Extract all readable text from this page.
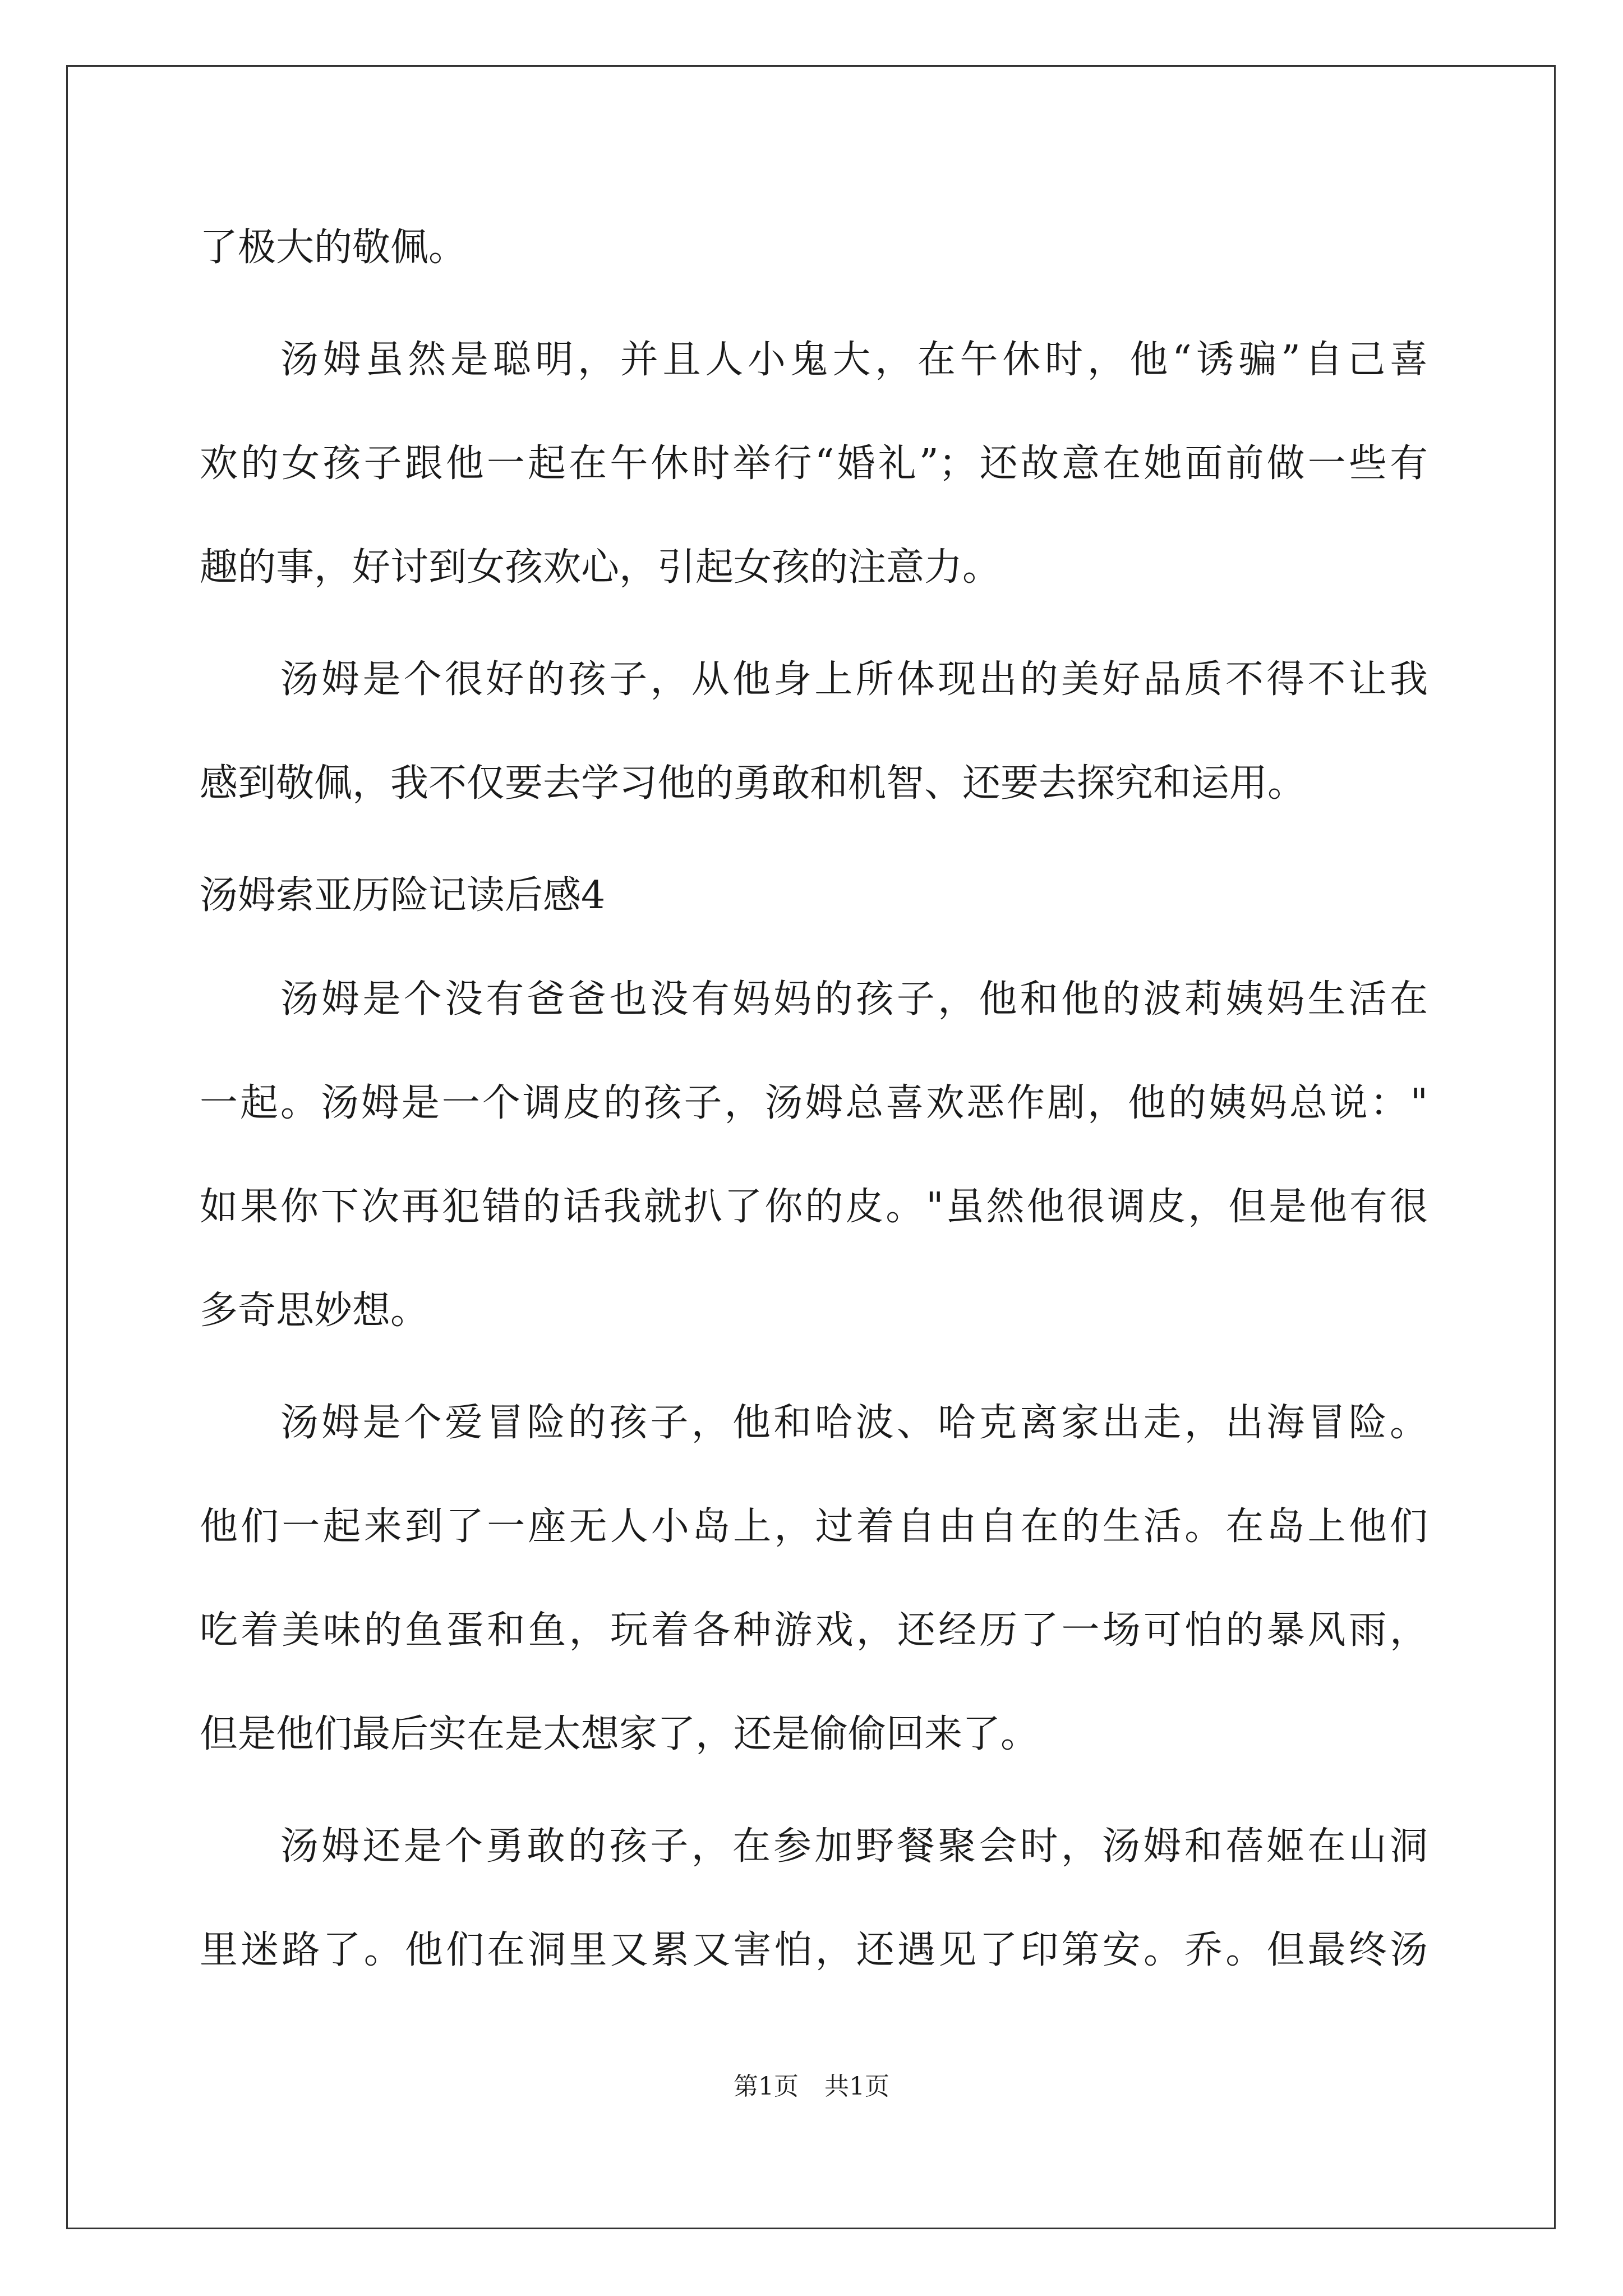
了极大的敬佩。
汤姆虽然是聪明，并且人小鬼大，在午休时，他“诱骗”自己喜
欢的女孩子跟他一起在午休时举行“婚礼”；还故意在她面前做一些有
趣的事，好讨到女孩欢心，引起女孩的注意力。
汤姆是个很好的孩子，从他身上所体现出的美好品质不得不让我
感到敬佩，我不仅要去学习他的勇敢和机智、还要去探究和运用。
汤姆索亚历险记读后感4
汤姆是个没有爸爸也没有妈妈的孩子，他和他的波莉姨妈生活在
一起。汤姆是一个调皮的孩子，汤姆总喜欢恶作剧，他的姨妈总说："
如果你下次再犯错的话我就扒了你的皮。"虽然他很调皮，但是他有很
多奇思妙想。
汤姆是个爱冒险的孩子，他和哈波、哈克离家出走，出海冒险。
他们一起来到了一座无人小岛上，过着自由自在的生活。在岛上他们
吃着美味的鱼蛋和鱼，玩着各种游戏，还经历了一场可怕的暴风雨，
但是他们最后实在是太想家了，还是偷偷回来了。
汤姆还是个勇敢的孩子，在参加野餐聚会时，汤姆和蓓姬在山洞
里迷路了。他们在洞里又累又害怕，还遇见了印第安。乔。但最终汤
第1页 共1页
